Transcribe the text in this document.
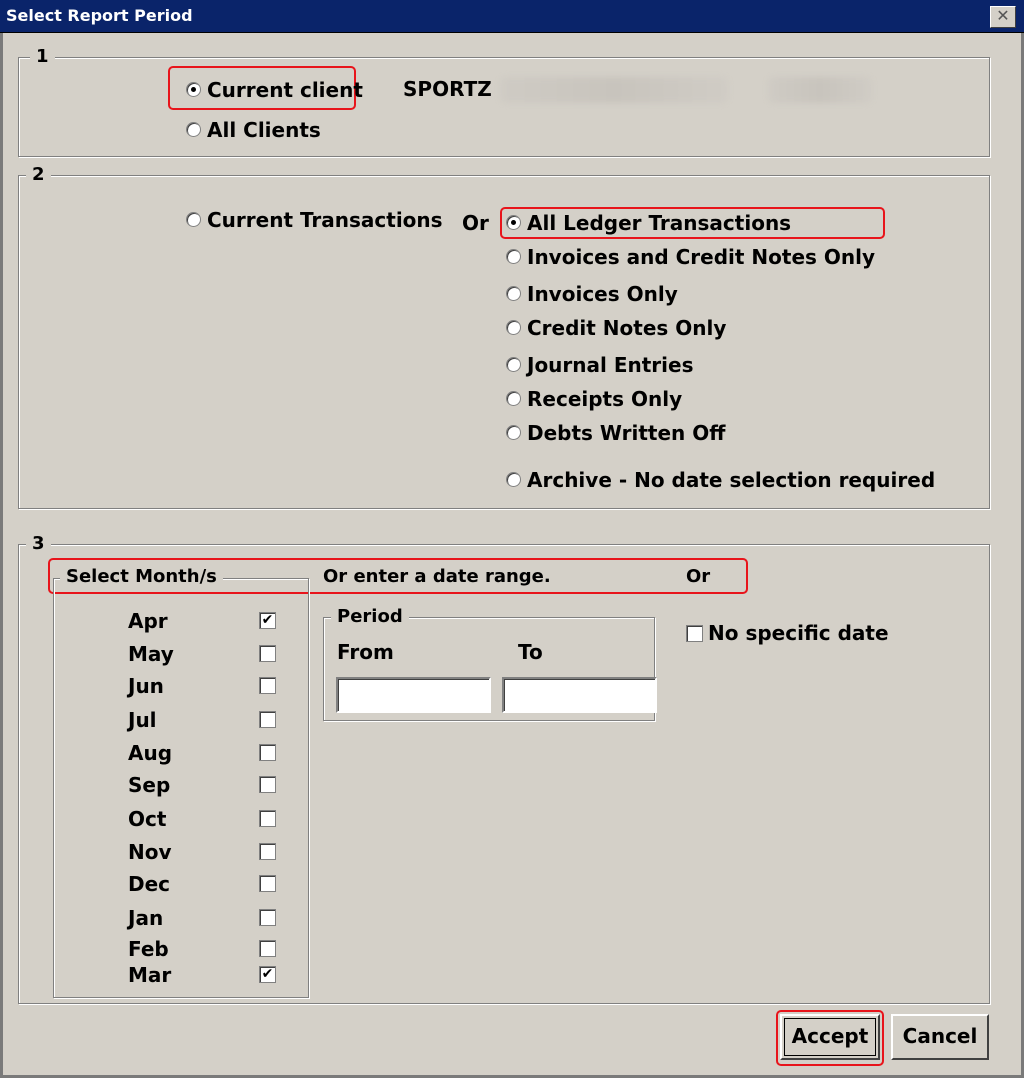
Select Report Period	✕
1
Current client
All Clients
SPORTZ
2
Current Transactions Or All Ledger Transactions
Invoices and Credit Notes Only
Invoices Only
Credit Notes Only
Journal Entries
Receipts Only
Debts Written Off
Archive - No date selection required
3
Select Month/s	Or enter a date range.	Or
Apr	✔
May
Jun
Jul
Aug
Sep
Oct
Nov
Dec
Jan
Feb
Mar	✔
Period
From	To
No specific date
Accept	Cancel
